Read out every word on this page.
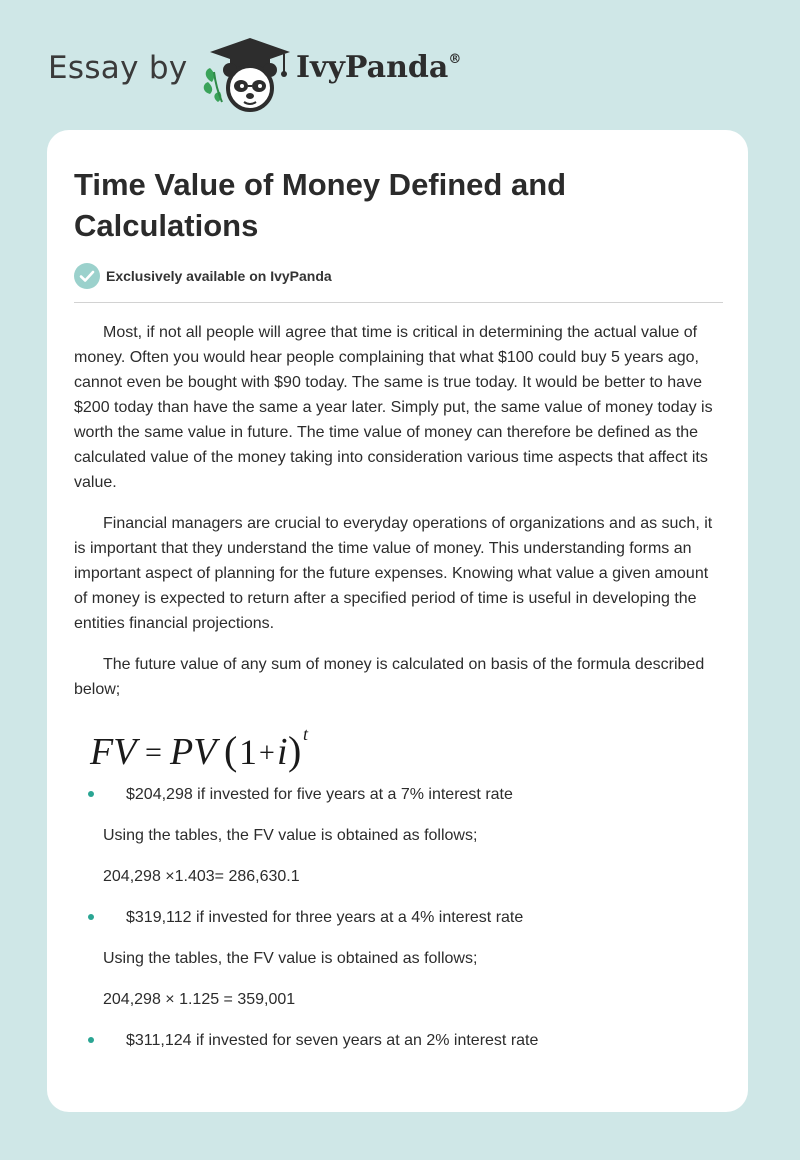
Essay by	IvyPanda®
Time Value of Money Defined and Calculations
Exclusively available on IvyPanda

Most, if not all people will agree that time is critical in determining the actual value of money. Often you would hear people complaining that what $100 could buy 5 years ago, cannot even be bought with $90 today. The same is true today. It would be better to have $200 today than have the same a year later. Simply put, the same value of money today is worth the same value in future. The time value of money can therefore be defined as the calculated value of the money taking into consideration various time aspects that affect its value.

Financial managers are crucial to everyday operations of organizations and as such, it is important that they understand the time value of money. This understanding forms an important aspect of planning for the future expenses. Knowing what value a given amount of money is expected to return after a specified period of time is useful in developing the entities financial projections.

The future value of any sum of money is calculated on basis of the formula described below;

FV = PV ( 1 + i ) t
$204,298 if invested for five years at a 7% interest rate
Using the tables, the FV value is obtained as follows;
204,298 ×1.403= 286,630.1
$319,112 if invested for three years at a 4% interest rate
Using the tables, the FV value is obtained as follows;
204,298 × 1.125 = 359,001
$311,124 if invested for seven years at an 2% interest rate
